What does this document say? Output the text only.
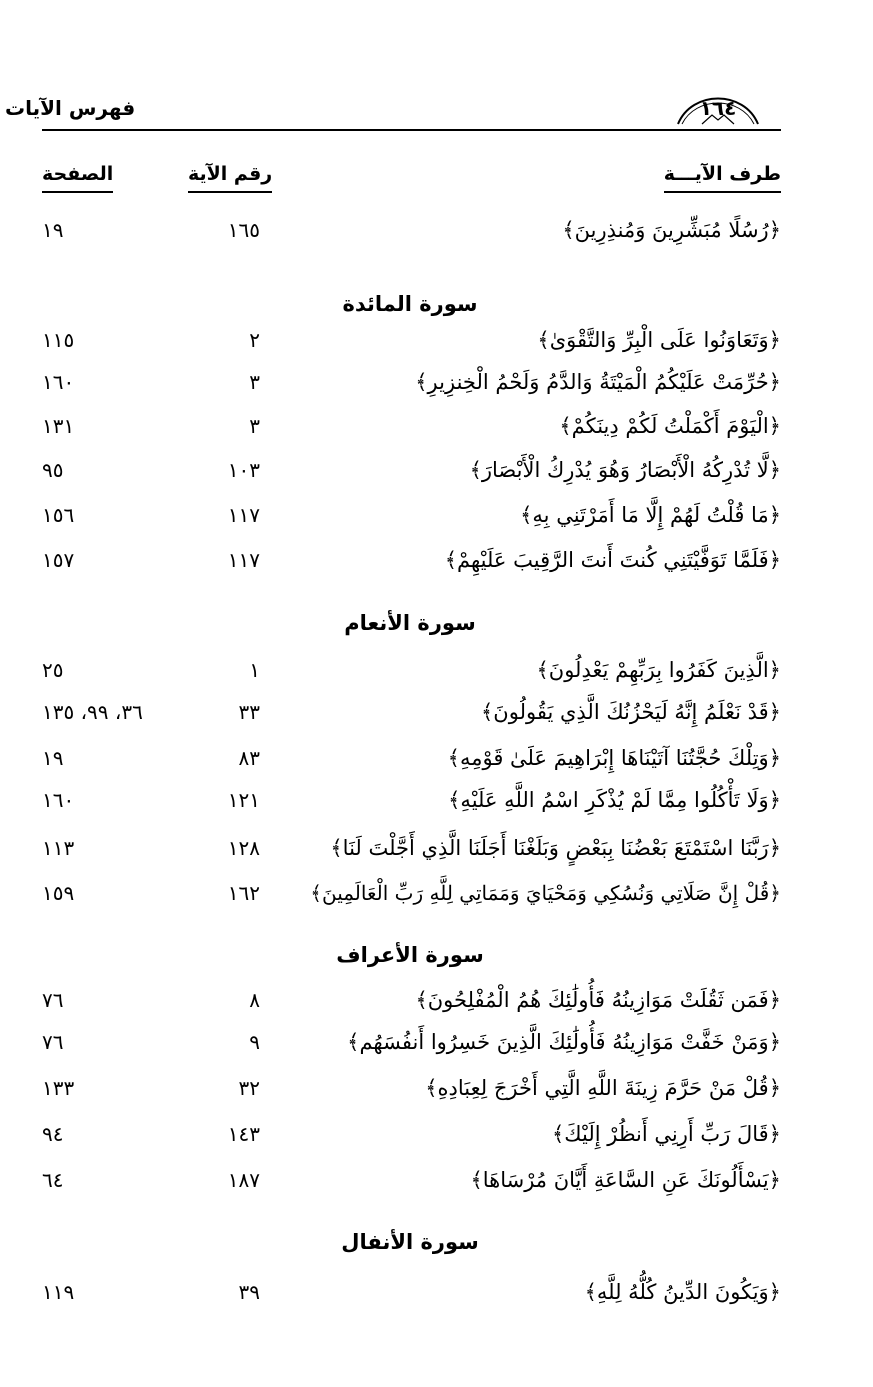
فهرس الآيات	١٦٤
طرف الآيـــة
رقم الآية
الصفحة
﴿رُسُلًا مُبَشِّرِينَ وَمُنذِرِينَ﴾
١٦٥
١٩
سورة المائدة
﴿وَتَعَاوَنُوا عَلَى الْبِرِّ وَالتَّقْوَىٰ﴾
٢
١١٥
﴿حُرِّمَتْ عَلَيْكُمُ الْمَيْتَةُ وَالدَّمُ وَلَحْمُ الْخِنزِيرِ﴾
٣
١٦٠
﴿الْيَوْمَ أَكْمَلْتُ لَكُمْ دِينَكُمْ﴾
٣
١٣١
﴿لَّا تُدْرِكُهُ الْأَبْصَارُ وَهُوَ يُدْرِكُ الْأَبْصَارَ﴾
١٠٣
٩٥
﴿مَا قُلْتُ لَهُمْ إِلَّا مَا أَمَرْتَنِي بِهِ﴾
١١٧
١٥٦
﴿فَلَمَّا تَوَفَّيْتَنِي كُنتَ أَنتَ الرَّقِيبَ عَلَيْهِمْ﴾
١١٧
١٥٧
سورة الأنعام
﴿الَّذِينَ كَفَرُوا بِرَبِّهِمْ يَعْدِلُونَ﴾
١
٢٥
﴿قَدْ نَعْلَمُ إِنَّهُ لَيَحْزُنُكَ الَّذِي يَقُولُونَ﴾
٣٣
٣٦، ٩٩، ١٣٥
﴿وَتِلْكَ حُجَّتُنَا آتَيْنَاهَا إِبْرَاهِيمَ عَلَىٰ قَوْمِهِ﴾
٨٣
١٩
﴿وَلَا تَأْكُلُوا مِمَّا لَمْ يُذْكَرِ اسْمُ اللَّهِ عَلَيْهِ﴾
١٢١
١٦٠
﴿رَبَّنَا اسْتَمْتَعَ بَعْضُنَا بِبَعْضٍ وَبَلَغْنَا أَجَلَنَا الَّذِي أَجَّلْتَ لَنَا﴾
١٢٨
١١٣
﴿قُلْ إِنَّ صَلَاتِي وَنُسُكِي وَمَحْيَايَ وَمَمَاتِي لِلَّهِ رَبِّ الْعَالَمِينَ﴾
١٦٢
١٥٩
سورة الأعراف
﴿فَمَن ثَقُلَتْ مَوَازِينُهُ فَأُولَٰئِكَ هُمُ الْمُفْلِحُونَ﴾
٨
٧٦
﴿وَمَنْ خَفَّتْ مَوَازِينُهُ فَأُولَٰئِكَ الَّذِينَ خَسِرُوا أَنفُسَهُم﴾
٩
٧٦
﴿قُلْ مَنْ حَرَّمَ زِينَةَ اللَّهِ الَّتِي أَخْرَجَ لِعِبَادِهِ﴾
٣٢
١٣٣
﴿قَالَ رَبِّ أَرِنِي أَنظُرْ إِلَيْكَ﴾
١٤٣
٩٤
﴿يَسْأَلُونَكَ عَنِ السَّاعَةِ أَيَّانَ مُرْسَاهَا﴾
١٨٧
٦٤
سورة الأنفال
﴿وَيَكُونَ الدِّينُ كُلُّهُ لِلَّهِ﴾
٣٩
١١٩
